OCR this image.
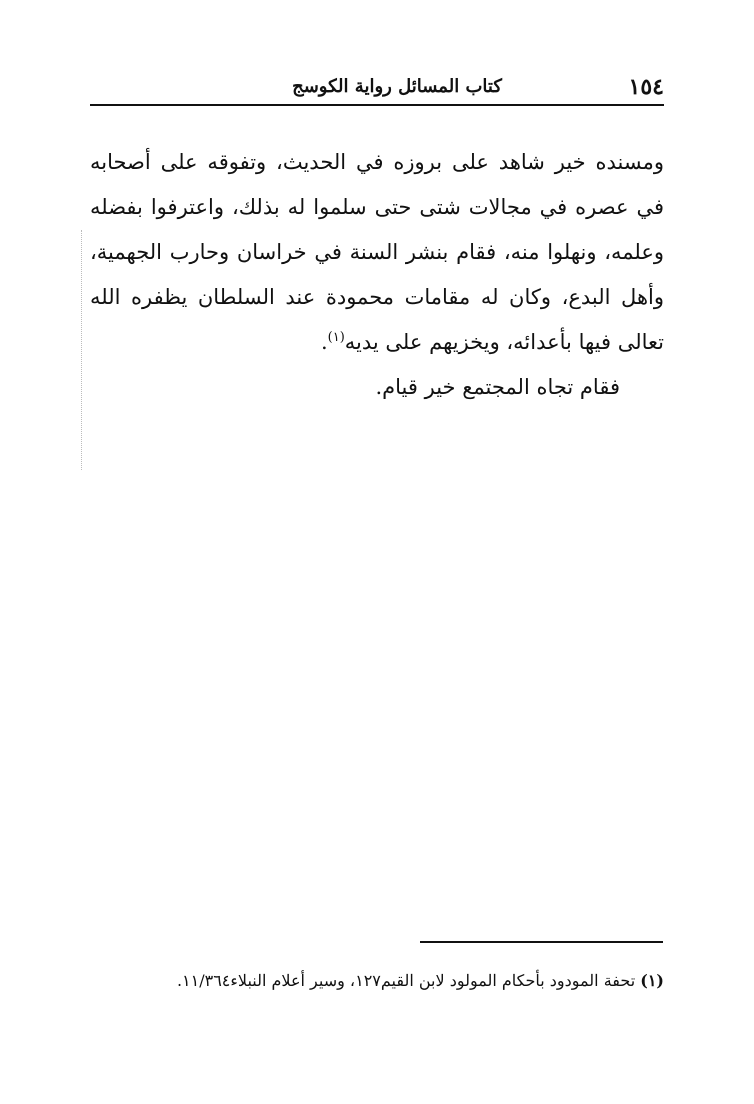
١٥٤
كتاب المسائل رواية الكوسج

ومسنده خير شاهد على بروزه في الحديث، وتفوقه على أصحابه في عصره في مجالات شتى حتى سلموا له بذلك، واعترفوا بفضله وعلمه، ونهلوا منه، فقام بنشر السنة في خراسان وحارب الجهمية، وأهل البدع، وكان له مقامات محمودة عند السلطان يظفره الله تعالى فيها بأعدائه، ويخزيهم على يديه$^{(١)}$.

فقام تجاه المجتمع خير قيام.

(١) تحفة المودود بأحكام المولود لابن القيم١٢٧، وسير أعلام النبلاء١١/٣٦٤.
